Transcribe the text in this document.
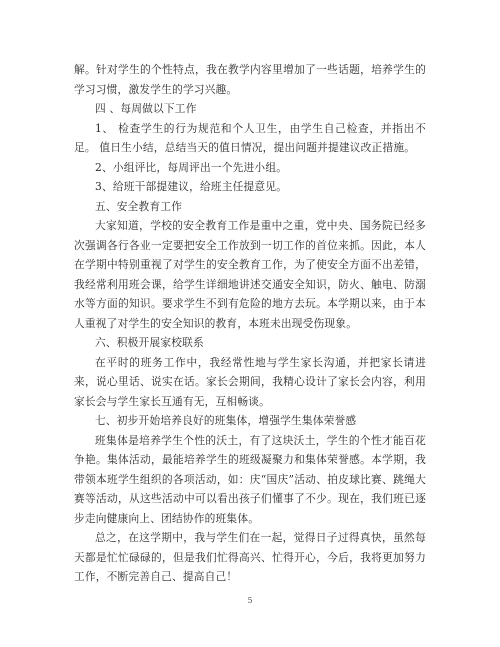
解。针对学生的个性特点，我在教学内容里增加了一些话题，培养学生的学习习惯，激发学生的学习兴趣。

四 、每周做以下工作

1、 检查学生的行为规范和个人卫生，由学生自己检查，并指出不足。 值日生小结，总结当天的值日情况，提出问题并提建议改正措施。

2、小组评比，每周评出一个先进小组。

3、给班干部提建议，给班主任提意见。

五、安全教育工作

大家知道，学校的安全教育工作是重中之重，党中央、国务院已经多次强调各行各业一定要把安全工作放到一切工作的首位来抓。因此，本人在学期中特别重视了对学生的安全教育工作，为了使安全方面不出差错，我经常利用班会课，给学生详细地讲述交通安全知识，防火、触电、防溺水等方面的知识。要求学生不到有危险的地方去玩。本学期以来，由于本人重视了对学生的安全知识的教育，本班未出现受伤现象。

六、积极开展家校联系

在平时的班务工作中，我经常性地与学生家长沟通，并把家长请进来，说心里话、说实在话。家长会期间，我精心设计了家长会内容，利用家长会与学生家长互通有无，互相畅谈。

七、初步开始培养良好的班集体，增强学生集体荣誉感

班集体是培养学生个性的沃土，有了这块沃土，学生的个性才能百花争艳。集体活动，最能培养学生的班级凝聚力和集体荣誉感。本学期，我带领本班学生组织的各项活动，如：庆“国庆”活动、拍皮球比赛、跳绳大赛等活动，从这些活动中可以看出孩子们懂事了不少。现在，我们班已逐步走向健康向上、团结协作的班集体。

总之，在这学期中，我与学生们在一起，觉得日子过得真快，虽然每天都是忙忙碌碌的，但是我们忙得高兴、忙得开心，今后，我将更加努力工作，不断完善自己、提高自己！

5
